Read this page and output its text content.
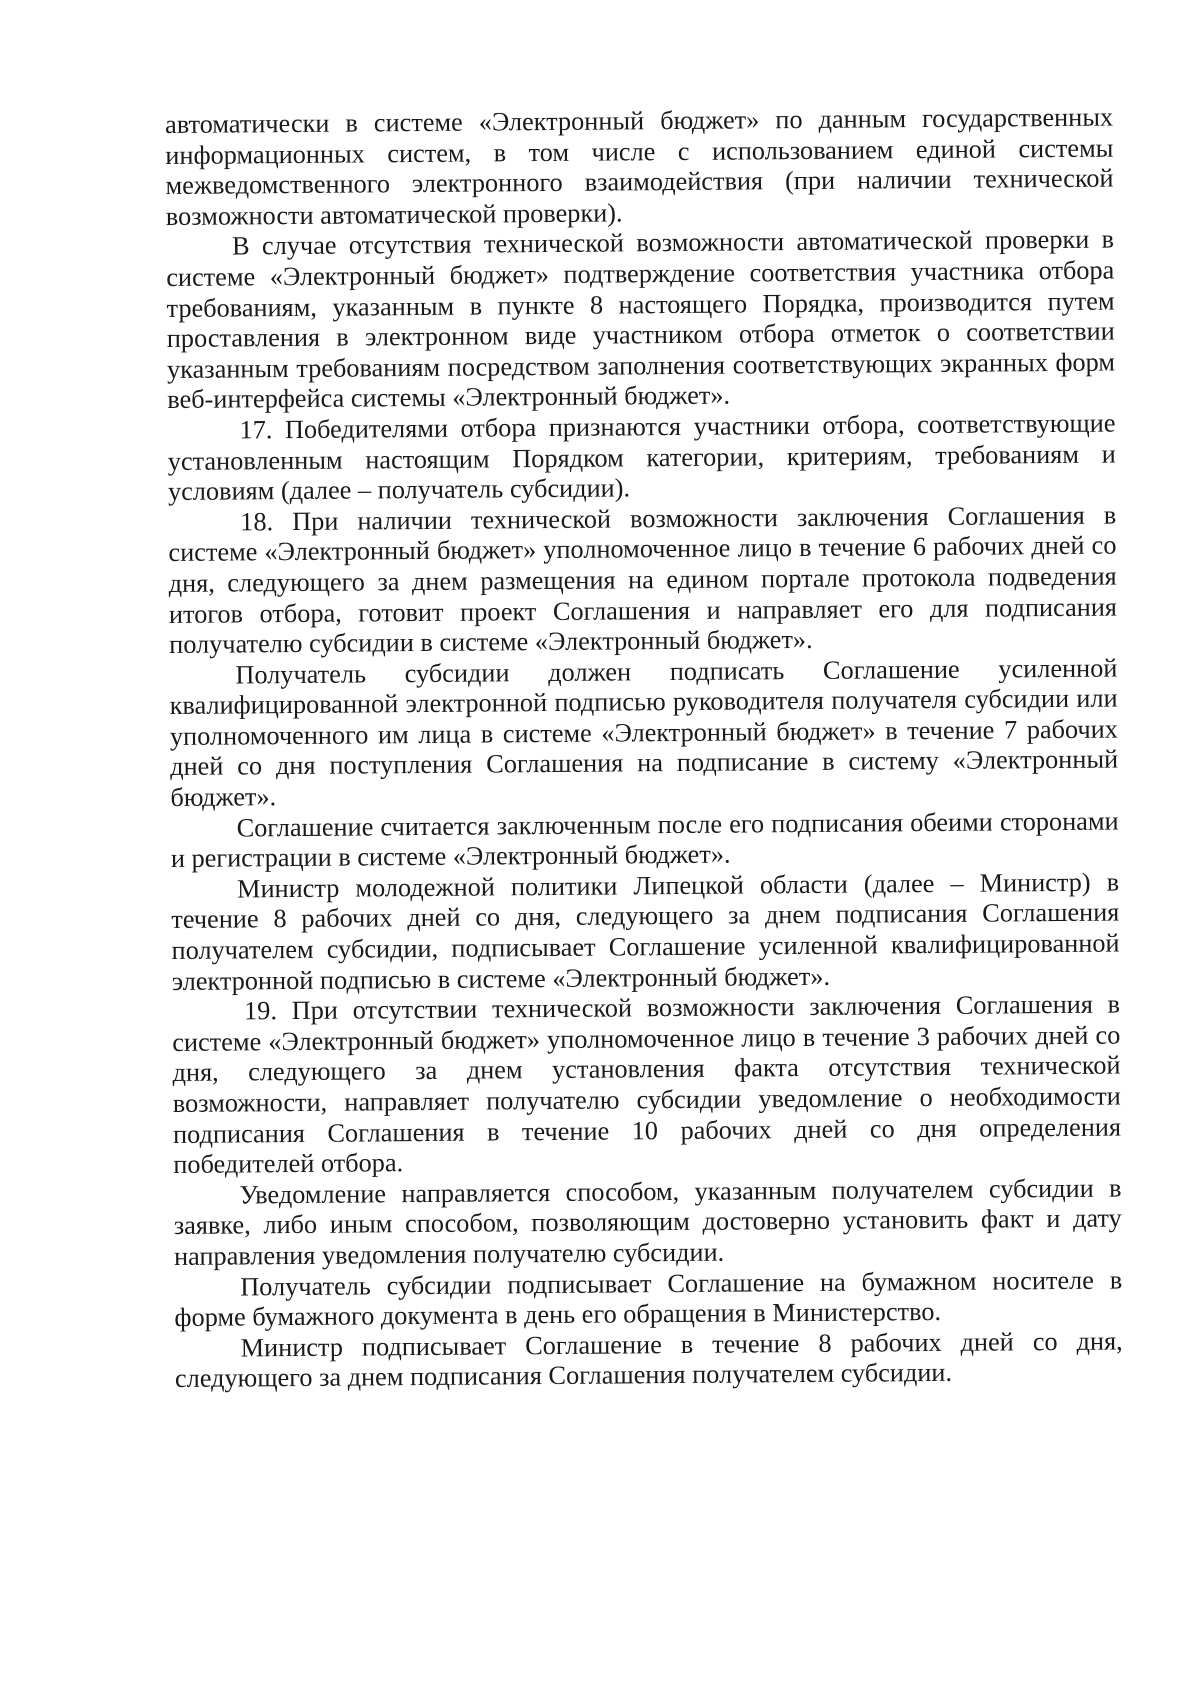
автоматически в системе «Электронный бюджет» по данным государственных информационных систем, в том числе с использованием единой системы межведомственного электронного взаимодействия (при наличии технической возможности автоматической проверки).

В случае отсутствия технической возможности автоматической проверки в системе «Электронный бюджет» подтверждение соответствия участника отбора требованиям, указанным в пункте 8 настоящего Порядка, производится путем проставления в электронном виде участником отбора отметок о соответствии указанным требованиям посредством заполнения соответствующих экранных форм веб-интерфейса системы «Электронный бюджет».

17. Победителями отбора признаются участники отбора, соответствующие установленным настоящим Порядком категории, критериям, требованиям и условиям (далее – получатель субсидии).

18. При наличии технической возможности заключения Соглашения в системе «Электронный бюджет» уполномоченное лицо в течение 6 рабочих дней со дня, следующего за днем размещения на едином портале протокола подведения итогов отбора, готовит проект Соглашения и направляет его для подписания получателю субсидии в системе «Электронный бюджет».

Получатель субсидии должен подписать Соглашение усиленной квалифицированной электронной подписью руководителя получателя субсидии или уполномоченного им лица в системе «Электронный бюджет» в течение 7 рабочих дней со дня поступления Соглашения на подписание в систему «Электронный бюджет».

Соглашение считается заключенным после его подписания обеими сторонами и регистрации в системе «Электронный бюджет».

Министр молодежной политики Липецкой области (далее – Министр) в течение 8 рабочих дней со дня, следующего за днем подписания Соглашения получателем субсидии, подписывает Соглашение усиленной квалифицированной электронной подписью в системе «Электронный бюджет».

19. При отсутствии технической возможности заключения Соглашения в системе «Электронный бюджет» уполномоченное лицо в течение 3 рабочих дней со дня, следующего за днем установления факта отсутствия технической возможности, направляет получателю субсидии уведомление о необходимости подписания Соглашения в течение 10 рабочих дней со дня определения победителей отбора.

Уведомление направляется способом, указанным получателем субсидии в заявке, либо иным способом, позволяющим достоверно установить факт и дату направления уведомления получателю субсидии.

Получатель субсидии подписывает Соглашение на бумажном носителе в форме бумажного документа в день его обращения в Министерство.

Министр подписывает Соглашение в течение 8 рабочих дней со дня, следующего за днем подписания Соглашения получателем субсидии.
